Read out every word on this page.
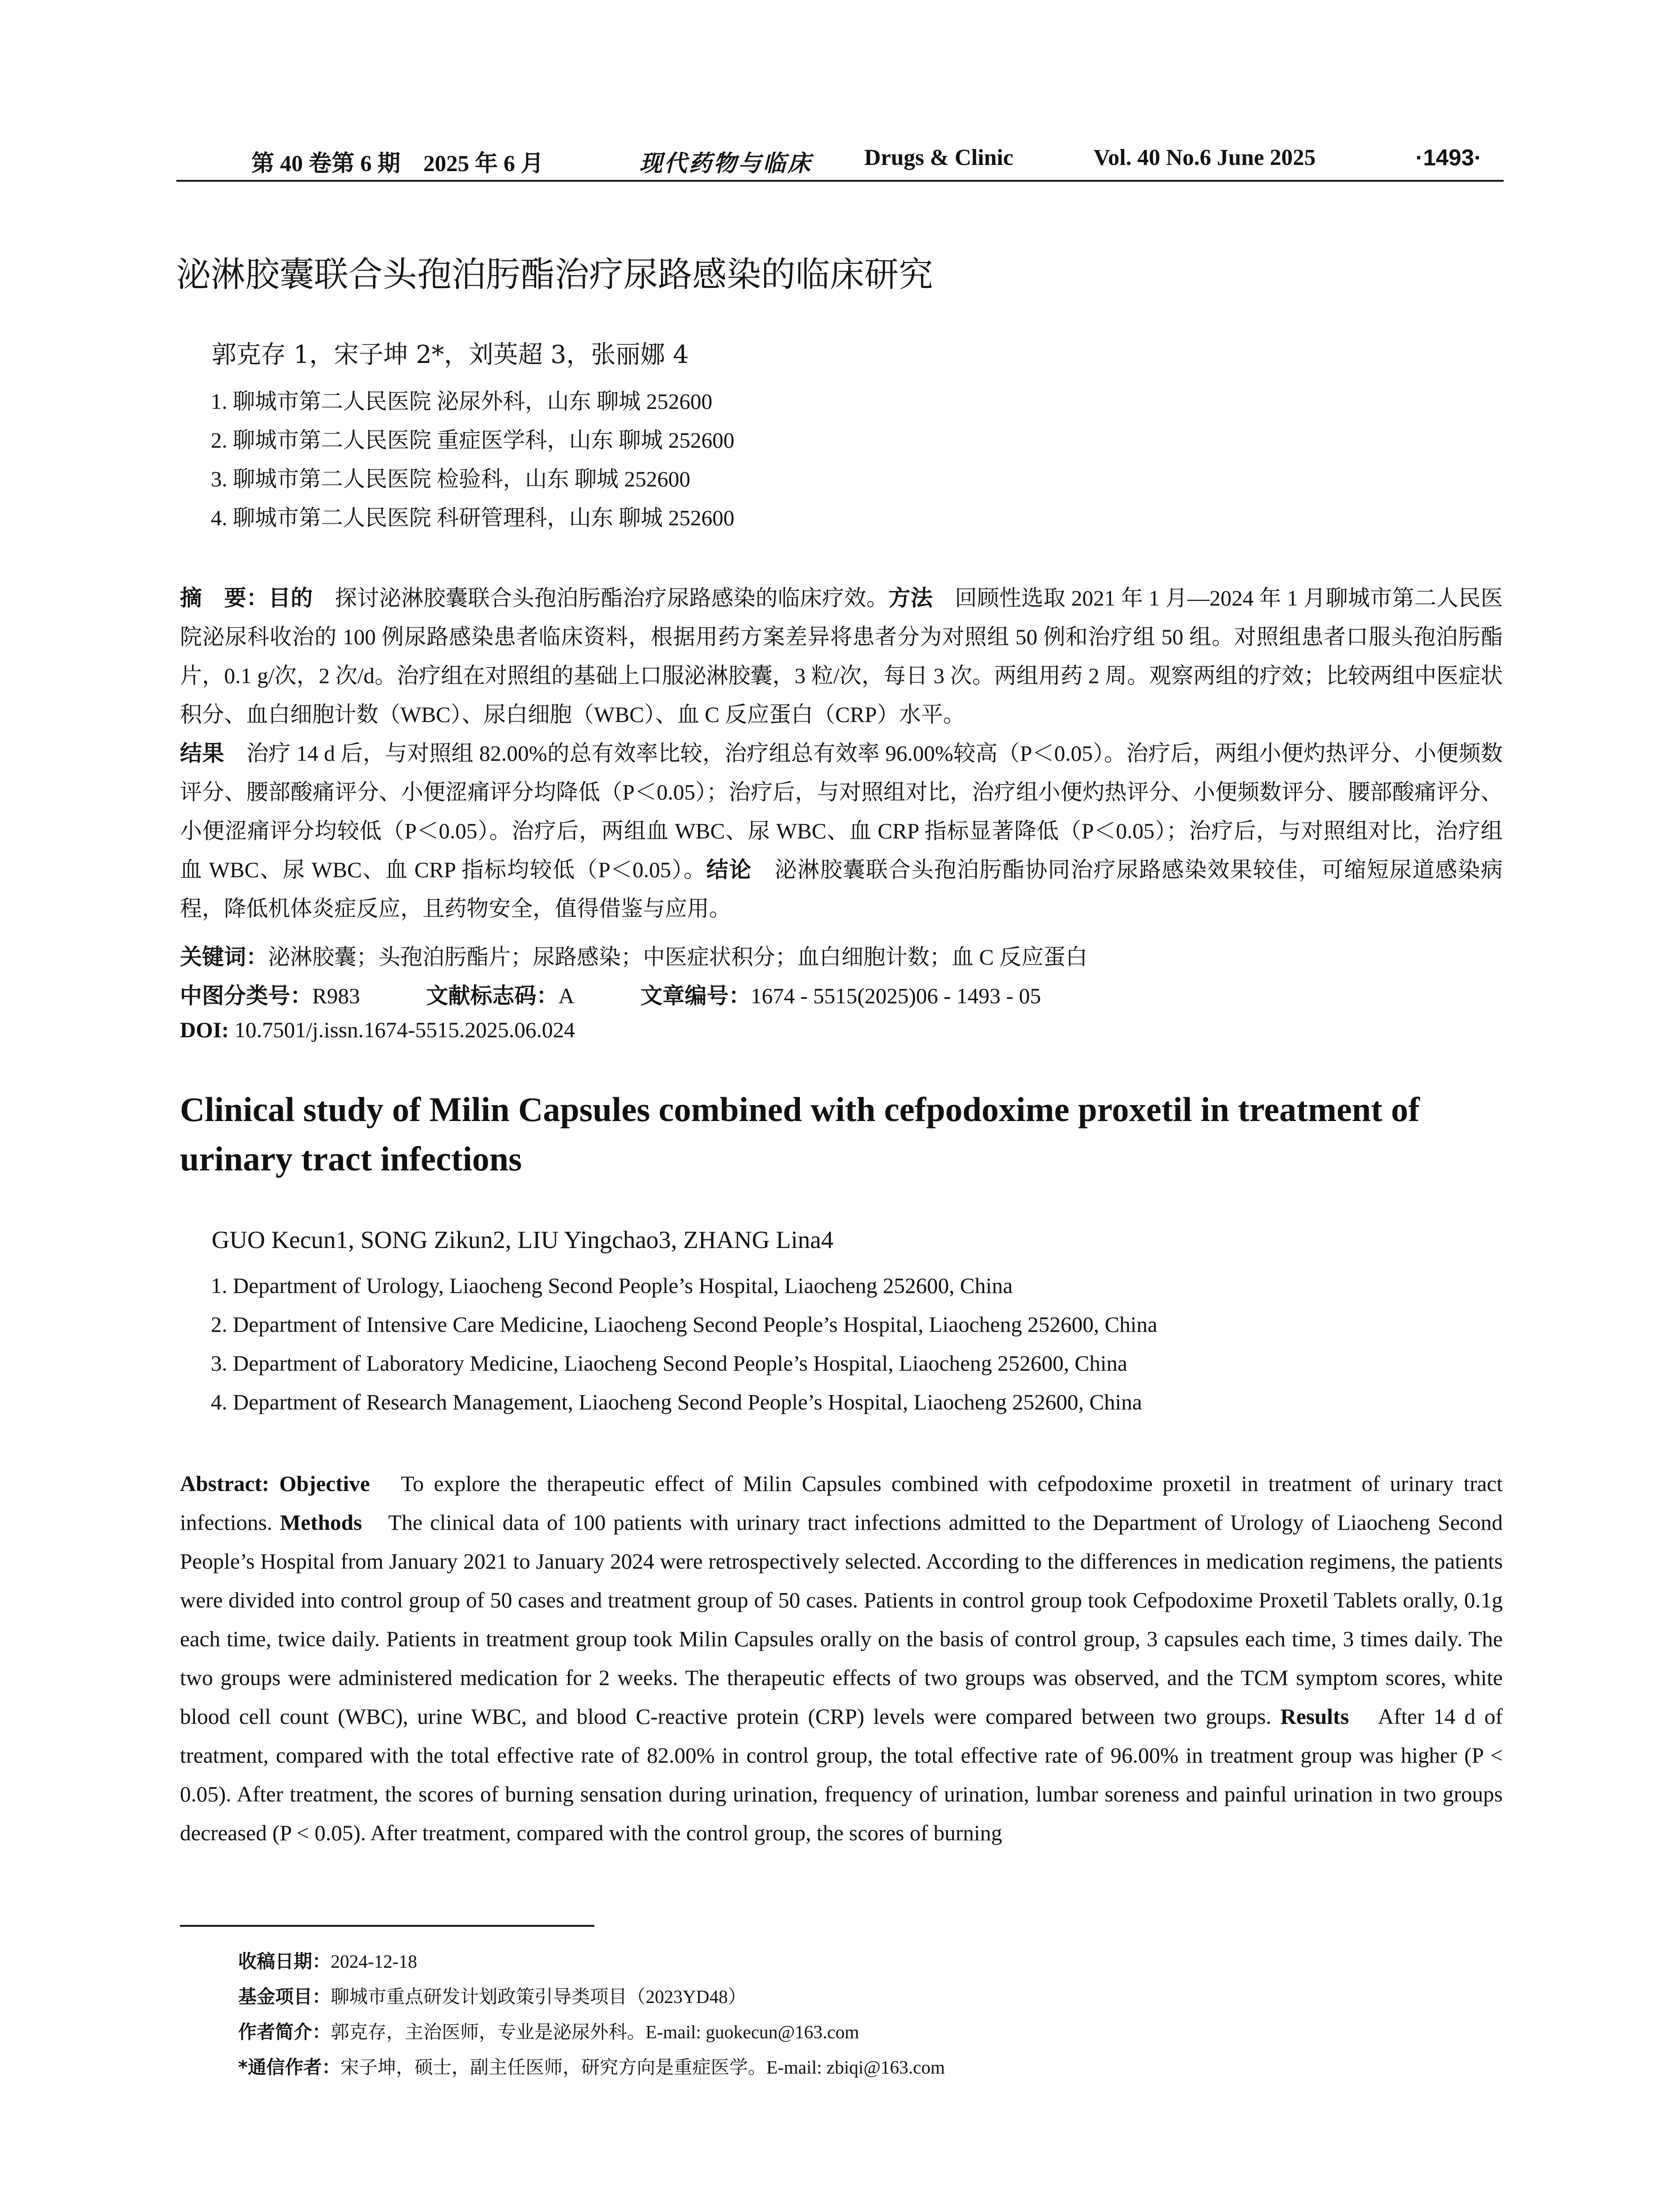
第 40 卷第 6 期　2025 年 6 月	现代药物与临床 Drugs & Clinic	Vol. 40 No.6 June 2025	·1493·
泌淋胶囊联合头孢泊肟酯治疗尿路感染的临床研究
郭克存 1，宋子坤 2*，刘英超 3，张丽娜 4
1. 聊城市第二人民医院 泌尿外科，山东 聊城 252600
2. 聊城市第二人民医院 重症医学科，山东 聊城 252600
3. 聊城市第二人民医院 检验科，山东 聊城 252600
4. 聊城市第二人民医院 科研管理科，山东 聊城 252600
摘　要：目的　探讨泌淋胶囊联合头孢泊肟酯治疗尿路感染的临床疗效。方法　回顾性选取 2021 年 1 月—2024 年 1 月聊城市第二人民医院泌尿科收治的 100 例尿路感染患者临床资料，根据用药方案差异将患者分为对照组 50 例和治疗组 50 组。对照组患者口服头孢泊肟酯片，0.1 g/次，2 次/d。治疗组在对照组的基础上口服泌淋胶囊，3 粒/次，每日 3 次。两组用药 2 周。观察两组的疗效；比较两组中医症状积分、血白细胞计数（WBC）、尿白细胞（WBC）、血 C 反应蛋白（CRP）水平。
结果　治疗 14 d 后，与对照组 82.00%的总有效率比较，治疗组总有效率 96.00%较高（P＜0.05）。治疗后，两组小便灼热评分、小便频数评分、腰部酸痛评分、小便涩痛评分均降低（P＜0.05）；治疗后，与对照组对比，治疗组小便灼热评分、小便频数评分、腰部酸痛评分、小便涩痛评分均较低（P＜0.05）。治疗后，两组血 WBC、尿 WBC、血 CRP 指标显著降低（P＜0.05）；治疗后，与对照组对比，治疗组血 WBC、尿 WBC、血 CRP 指标均较低（P＜0.05）。结论　泌淋胶囊联合头孢泊肟酯协同治疗尿路感染效果较佳，可缩短尿道感染病程，降低机体炎症反应，且药物安全，值得借鉴与应用。
关键词：泌淋胶囊；头孢泊肟酯片；尿路感染；中医症状积分；血白细胞计数；血 C 反应蛋白
中图分类号：R983	文献标志码：A	文章编号：1674 - 5515(2025)06 - 1493 - 05
DOI: 10.7501/j.issn.1674-5515.2025.06.024
Clinical study of Milin Capsules combined with cefpodoxime proxetil in treatment of urinary tract infections
GUO Kecun1, SONG Zikun2, LIU Yingchao3, ZHANG Lina4
1. Department of Urology, Liaocheng Second People’s Hospital, Liaocheng 252600, China
2. Department of Intensive Care Medicine, Liaocheng Second People’s Hospital, Liaocheng 252600, China
3. Department of Laboratory Medicine, Liaocheng Second People’s Hospital, Liaocheng 252600, China
4. Department of Research Management, Liaocheng Second People’s Hospital, Liaocheng 252600, China
Abstract: Objective　To explore the therapeutic effect of Milin Capsules combined with cefpodoxime proxetil in treatment of urinary tract infections. Methods　The clinical data of 100 patients with urinary tract infections admitted to the Department of Urology of Liaocheng Second People’s Hospital from January 2021 to January 2024 were retrospectively selected. According to the differences in medication regimens, the patients were divided into control group of 50 cases and treatment group of 50 cases. Patients in control group took Cefpodoxime Proxetil Tablets orally, 0.1g each time, twice daily. Patients in treatment group took Milin Capsules orally on the basis of control group, 3 capsules each time, 3 times daily. The two groups were administered medication for 2 weeks. The therapeutic effects of two groups was observed, and the TCM symptom scores, white blood cell count (WBC), urine WBC, and blood C-reactive protein (CRP) levels were compared between two groups. Results　After 14 d of treatment, compared with the total effective rate of 82.00% in control group, the total effective rate of 96.00% in treatment group was higher (P < 0.05). After treatment, the scores of burning sensation during urination, frequency of urination, lumbar soreness and painful urination in two groups decreased (P < 0.05). After treatment, compared with the control group, the scores of burning
收稿日期：2024-12-18
基金项目：聊城市重点研发计划政策引导类项目（2023YD48）
作者简介：郭克存，主治医师，专业是泌尿外科。E-mail: guokecun@163.com
*通信作者：宋子坤，硕士，副主任医师，研究方向是重症医学。E-mail: zbiqi@163.com
